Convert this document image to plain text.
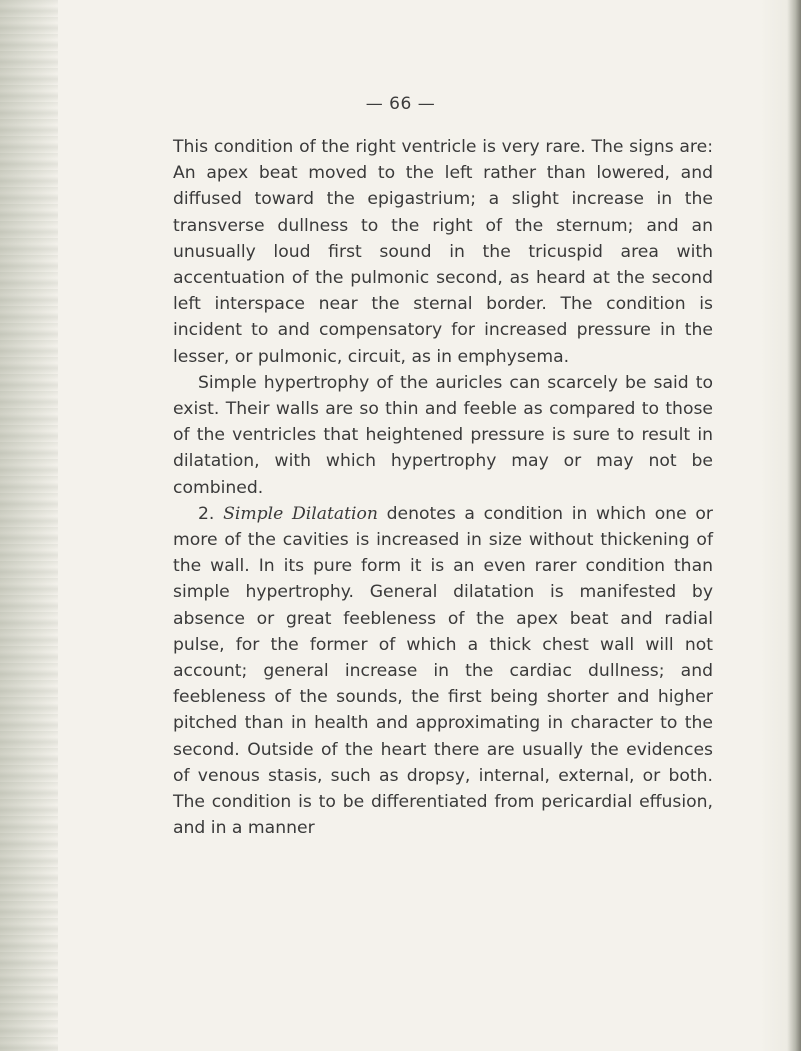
— 66 —

This condition of the right ventricle is very rare. The signs are: An apex beat moved to the left rather than lowered, and diffused toward the epigastrium; a slight increase in the transverse dullness to the right of the sternum; and an unusually loud first sound in the tricuspid area with accentuation of the pulmonic second, as heard at the second left interspace near the sternal border. The condition is incident to and compensatory for increased pressure in the lesser, or pulmonic, circuit, as in emphysema.

Simple hypertrophy of the auricles can scarcely be said to exist. Their walls are so thin and feeble as compared to those of the ventricles that heightened pressure is sure to result in dilatation, with which hypertrophy may or may not be combined.

2. Simple Dilatation denotes a condition in which one or more of the cavities is increased in size without thickening of the wall. In its pure form it is an even rarer condition than simple hypertrophy. General dilatation is manifested by absence or great feebleness of the apex beat and radial pulse, for the former of which a thick chest wall will not account; general increase in the cardiac dullness; and feebleness of the sounds, the first being shorter and higher pitched than in health and approximating in character to the second. Outside of the heart there are usually the evidences of venous stasis, such as dropsy, internal, external, or both. The condition is to be differentiated from pericardial effusion, and in a manner
